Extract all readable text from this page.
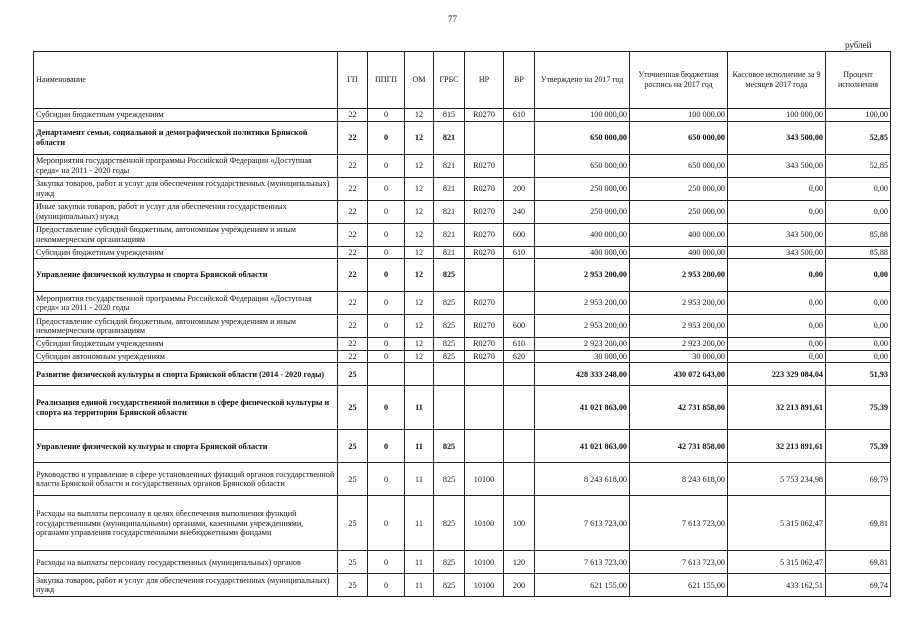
77
рублей
Наименование	ГП	ППГП	ОМ	ГРБС	НР	ВР	Утверждено на 2017 год	Уточненная бюджетная роспись на 2017 год	Кассовое исполнение за 9 месяцев 2017 года	Процент исполнения
Субсидии бюджетным учреждениям	22	0	12	815	R0270	610	100 000,00	100 000,00	100 000,00	100,00
Департамент семьи, социальной и демографической политики Брянской области	22	0	12	821			650 000,00	650 000,00	343 500,00	52,85
Мероприятия государственной программы Российской Федерации «Доступная среда» на 2011 - 2020 годы	22	0	12	821	R0270		650 000,00	650 000,00	343 500,00	52,85
Закупка товаров, работ и услуг для обеспечения государственных (муниципальных) нужд	22	0	12	821	R0270	200	250 000,00	250 000,00	0,00	0,00
Иные закупки товаров, работ и услуг для обеспечения государственных (муниципальных) нужд	22	0	12	821	R0270	240	250 000,00	250 000,00	0,00	0,00
Предоставление субсидий бюджетным, автономным учреждениям и иным некоммерческим организациям	22	0	12	821	R0270	600	400 000,00	400 000,00	343 500,00	85,88
Субсидии бюджетным учреждениям	22	0	12	821	R0270	610	400 000,00	400 000,00	343 500,00	85,88
Управление физической культуры и спорта Брянской области	22	0	12	825			2 953 200,00	2 953 200,00	0,00	0,00
Мероприятия государственной программы Российской Федерации «Доступная среда» на 2011 - 2020 годы	22	0	12	825	R0270		2 953 200,00	2 953 200,00	0,00	0,00
Предоставление субсидий бюджетным, автономным учреждениям и иным некоммерческим организациям	22	0	12	825	R0270	600	2 953 200,00	2 953 200,00	0,00	0,00
Субсидии бюджетным учреждениям	22	0	12	825	R0270	610	2 923 200,00	2 923 200,00	0,00	0,00
Субсидии автономным учреждениям	22	0	12	825	R0270	620	30 000,00	30 000,00	0,00	0,00
Развитие физической культуры и спорта Брянской области (2014 - 2020 годы)	25						428 333 248,00	430 072 643,00	223 329 084,04	51,93
Реализация единой государственной политики в сфере физической культуры и спорта на территории Брянской области	25	0	11				41 021 863,00	42 731 858,00	32 213 891,61	75,39
Управление физической культуры и спорта Брянской области	25	0	11	825			41 021 863,00	42 731 858,00	32 213 891,61	75,39
Руководство и управление в сфере установленных функций органов государственной власти Брянской области и государственных органов Брянской области	25	0	11	825	10100		8 243 618,00	8 243 618,00	5 753 234,98	69,79
Расходы на выплаты персоналу в целях обеспечения выполнения функций государственными (муниципальными) органами, казенными учреждениями, органами управления государственными внебюджетными фондами	25	0	11	825	10100	100	7 613 723,00	7 613 723,00	5 315 062,47	69,81
Расходы на выплаты персоналу государственных (муниципальных) органов	25	0	11	825	10100	120	7 613 723,00	7 613 723,00	5 315 062,47	69,81
Закупка товаров, работ и услуг для обеспечения государственных (муниципальных) нужд	25	0	11	825	10100	200	621 155,00	621 155,00	433 162,51	69,74
